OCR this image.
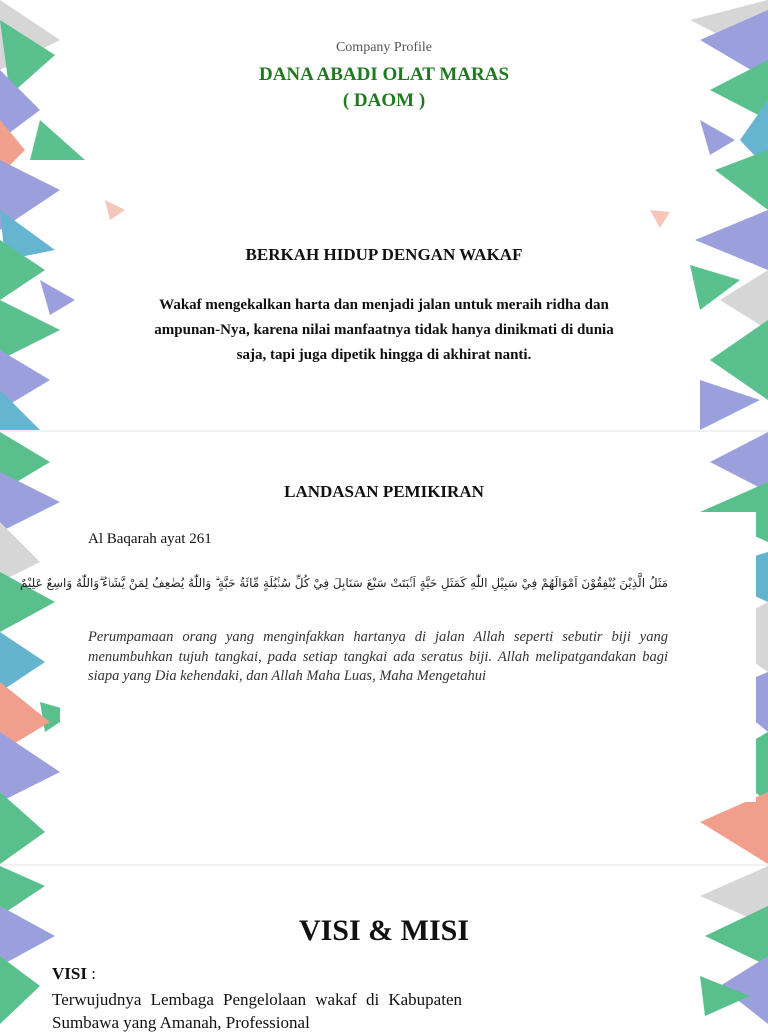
Company Profile
DANA ABADI OLAT MARAS
( DAOM )
BERKAH HIDUP DENGAN WAKAF
Wakaf mengekalkan harta dan menjadi jalan untuk meraih ridha dan
ampunan-Nya, karena nilai manfaatnya tidak hanya dinikmati di dunia
saja, tapi juga dipetik hingga di akhirat nanti.
LANDASAN PEMIKIRAN
Al Baqarah ayat 261
مَثَلُ الَّذِيْنَ يُنْفِقُوْنَ اَمْوَالَهُمْ فِيْ سَبِيْلِ اللّٰهِ كَمَثَلِ حَبَّةٍ اَنْۢبَتَتْ سَبْعَ سَنَابِلَ فِيْ كُلِّ سُنْۢبُلَةٍ مِّائَةُ حَبَّةٍ ۗ وَاللّٰهُ يُضٰعِفُ لِمَنْ يَّشَاۤءُ ۗوَاللّٰهُ وَاسِعٌ عَلِيْمٌ
Perumpamaan orang yang menginfakkan hartanya di jalan Allah seperti sebutir biji yang menumbuhkan tujuh tangkai, pada setiap tangkai ada seratus biji. Allah melipatgandakan bagi siapa yang Dia kehendaki, dan Allah Maha Luas, Maha Mengetahui
VISI & MISI
VISI :
Terwujudnya Lembaga Pengelolaan wakaf di Kabupaten Sumbawa yang Amanah, Professional
